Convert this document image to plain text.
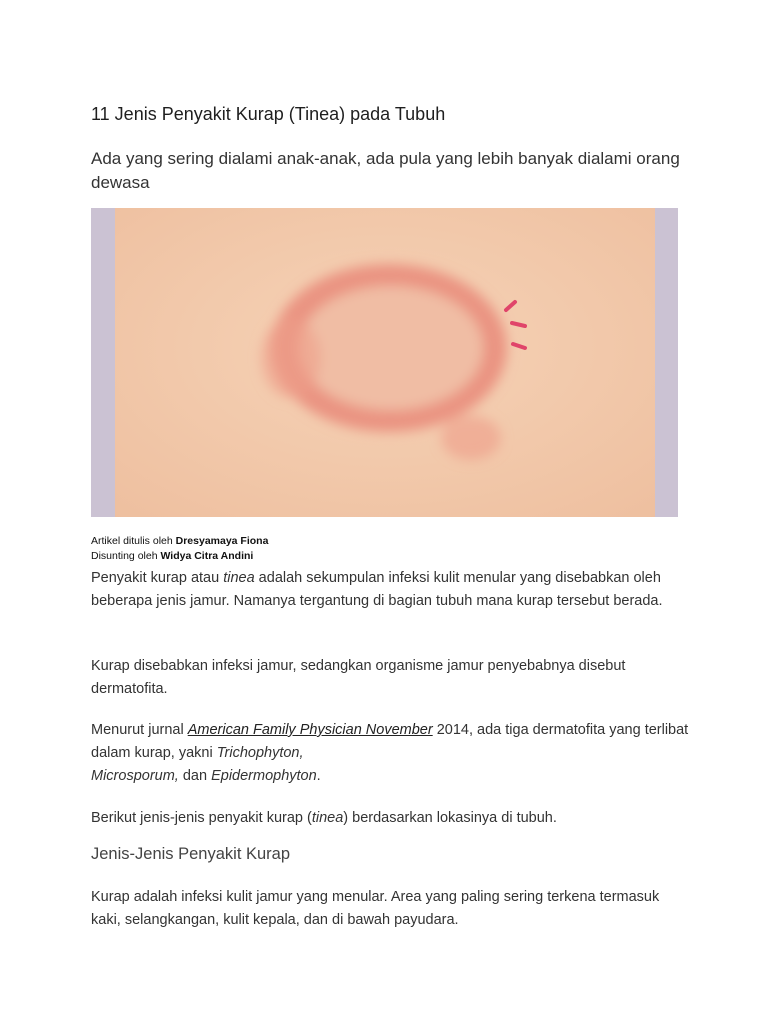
11 Jenis Penyakit Kurap (Tinea) pada Tubuh

Ada yang sering dialami anak-anak, ada pula yang lebih banyak dialami orang dewasa

Artikel ditulis oleh Dresyamaya Fiona
Disunting oleh Widya Citra Andini

Penyakit kurap atau tinea adalah sekumpulan infeksi kulit menular yang disebabkan oleh beberapa jenis jamur. Namanya tergantung di bagian tubuh mana kurap tersebut berada.

Kurap disebabkan infeksi jamur, sedangkan organisme jamur penyebabnya disebut dermatofita.

Menurut jurnal American Family Physician November 2014, ada tiga dermatofita yang terlibat dalam kurap, yakni Trichophyton,
Microsporum, dan Epidermophyton.

Berikut jenis-jenis penyakit kurap (tinea) berdasarkan lokasinya di tubuh.

Jenis-Jenis Penyakit Kurap

Kurap adalah infeksi kulit jamur yang menular. Area yang paling sering terkena termasuk kaki, selangkangan, kulit kepala, dan di bawah payudara.
